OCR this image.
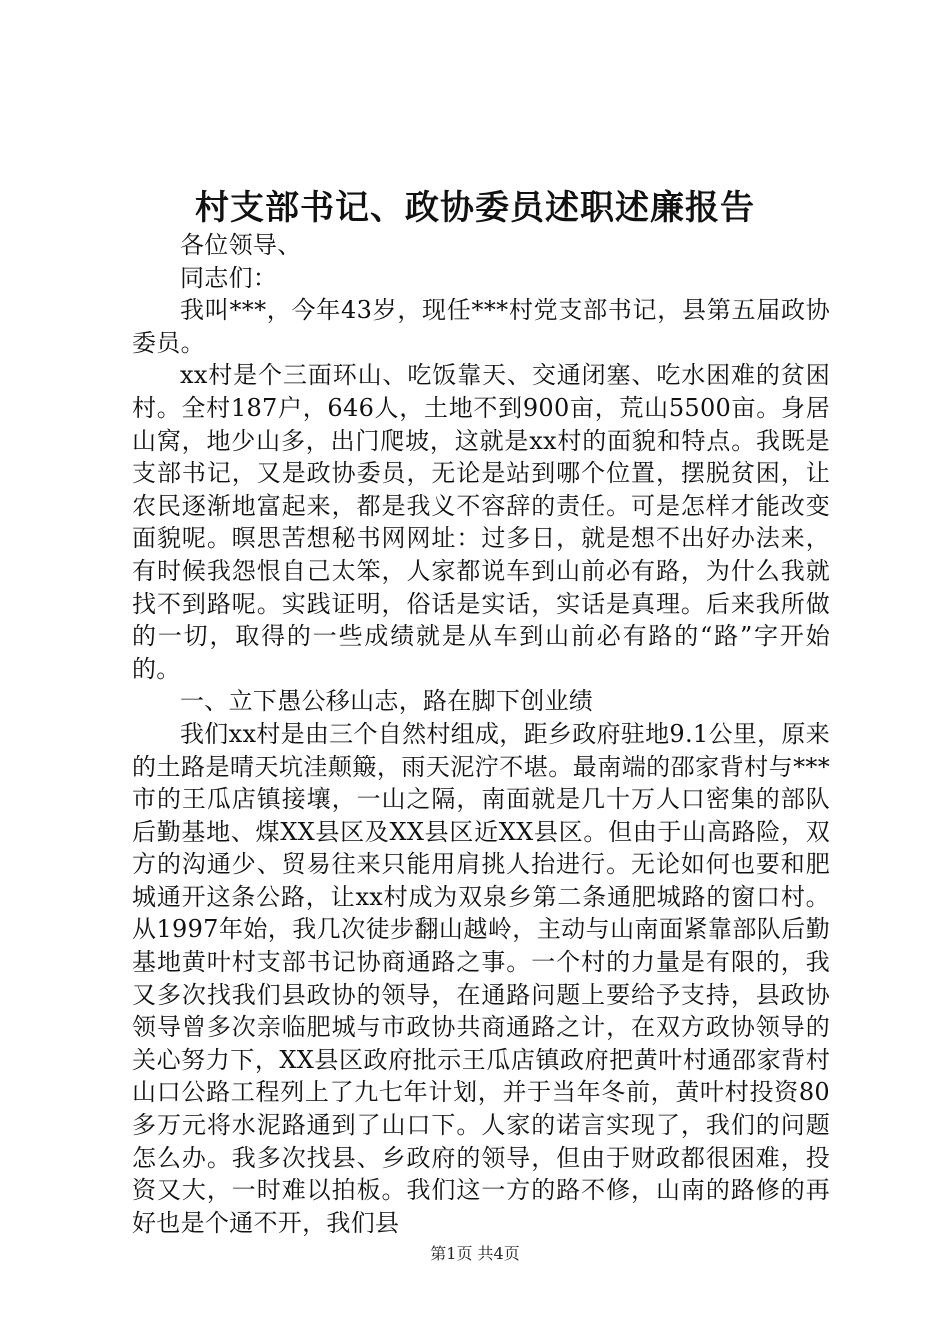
村支部书记、政协委员述职述廉报告

各位领导、

同志们：

我叫***，今年43岁，现任***村党支部书记，县第五届政协委员。

xx村是个三面环山、吃饭靠天、交通闭塞、吃水困难的贫困村。全村187户，646人，土地不到900亩，荒山5500亩。身居山窝，地少山多，出门爬坡，这就是xx村的面貌和特点。我既是支部书记，又是政协委员，无论是站到哪个位置，摆脱贫困，让农民逐渐地富起来，都是我义不容辞的责任。可是怎样才能改变面貌呢。暝思苦想秘书网网址：过多日，就是想不出好办法来，有时候我怨恨自己太笨，人家都说车到山前必有路，为什么我就找不到路呢。实践证明，俗话是实话，实话是真理。后来我所做的一切，取得的一些成绩就是从车到山前必有路的“路”字开始的。

一、立下愚公移山志，路在脚下创业绩

我们xx村是由三个自然村组成，距乡政府驻地9.1公里，原来的土路是晴天坑洼颠簸，雨天泥泞不堪。最南端的邵家背村与***市的王瓜店镇接壤，一山之隔，南面就是几十万人口密集的部队后勤基地、煤XX县区及XX县区近XX县区。但由于山高路险，双方的沟通少、贸易往来只能用肩挑人抬进行。无论如何也要和肥城通开这条公路，让xx村成为双泉乡第二条通肥城路的窗口村。从1997年始，我几次徒步翻山越岭，主动与山南面紧靠部队后勤基地黄叶村支部书记协商通路之事。一个村的力量是有限的，我又多次找我们县政协的领导，在通路问题上要给予支持，县政协领导曾多次亲临肥城与市政协共商通路之计，在双方政协领导的关心努力下，XX县区政府批示王瓜店镇政府把黄叶村通邵家背村山口公路工程列上了九七年计划，并于当年冬前，黄叶村投资80多万元将水泥路通到了山口下。人家的诺言实现了，我们的问题怎么办。我多次找县、乡政府的领导，但由于财政都很困难，投资又大，一时难以拍板。我们这一方的路不修，山南的路修的再好也是个通不开，我们县

第1页 共4页
